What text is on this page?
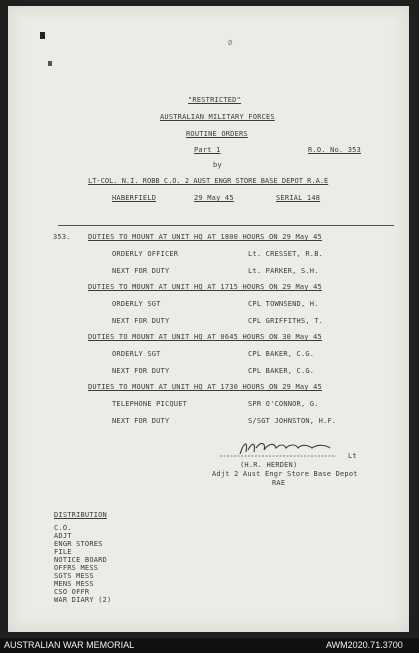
Ø
"RESTRICTED"
AUSTRALIAN MILITARY FORCES
ROUTINE ORDERS
Part 1	R.O. No. 353
by
LT-COL. N.I. ROBB C.O. 2 AUST ENGR STORE BASE DEPOT R.A.E
HABERFIELD	29 May 45	SERIAL 148
353. DUTIES TO MOUNT AT UNIT HQ AT 1800 HOURS ON 29 May 45
ORDERLY OFFICER	Lt. CRESSET, R.B.
NEXT FOR DUTY	Lt. PARKER, S.H.
DUTIES TO MOUNT AT UNIT HQ AT 1715 HOURS ON 29 May 45
ORDERLY SGT	CPL TOWNSEND, H.
NEXT FOR DUTY	CPL GRIFFITHS, T.
DUTIES TO MOUNT AT UNIT HQ AT 0645 HOURS ON 30 May 45
ORDERLY SGT	CPL BAKER, C.G.
NEXT FOR DUTY	CPL BAKER, C.G.
DUTIES TO MOUNT AT UNIT HQ AT 1730 HOURS ON 29 May 45
TELEPHONE PICQUET	SPR O'CONNOR, G.
NEXT FOR DUTY	S/SGT JOHNSTON, H.F.
Lt
(H.R. HERDEN)
Adjt 2 Aust Engr Store Base Depot
RAE
DISTRIBUTION
C.O.
ADJT
ENGR STORES
FILE
NOTICE BOARD
OFFRS MESS
SGTS MESS
MENS MESS
CSO OFFR
WAR DIARY (2)
AUSTRALIAN WAR MEMORIAL	AWM2020.71.3700
